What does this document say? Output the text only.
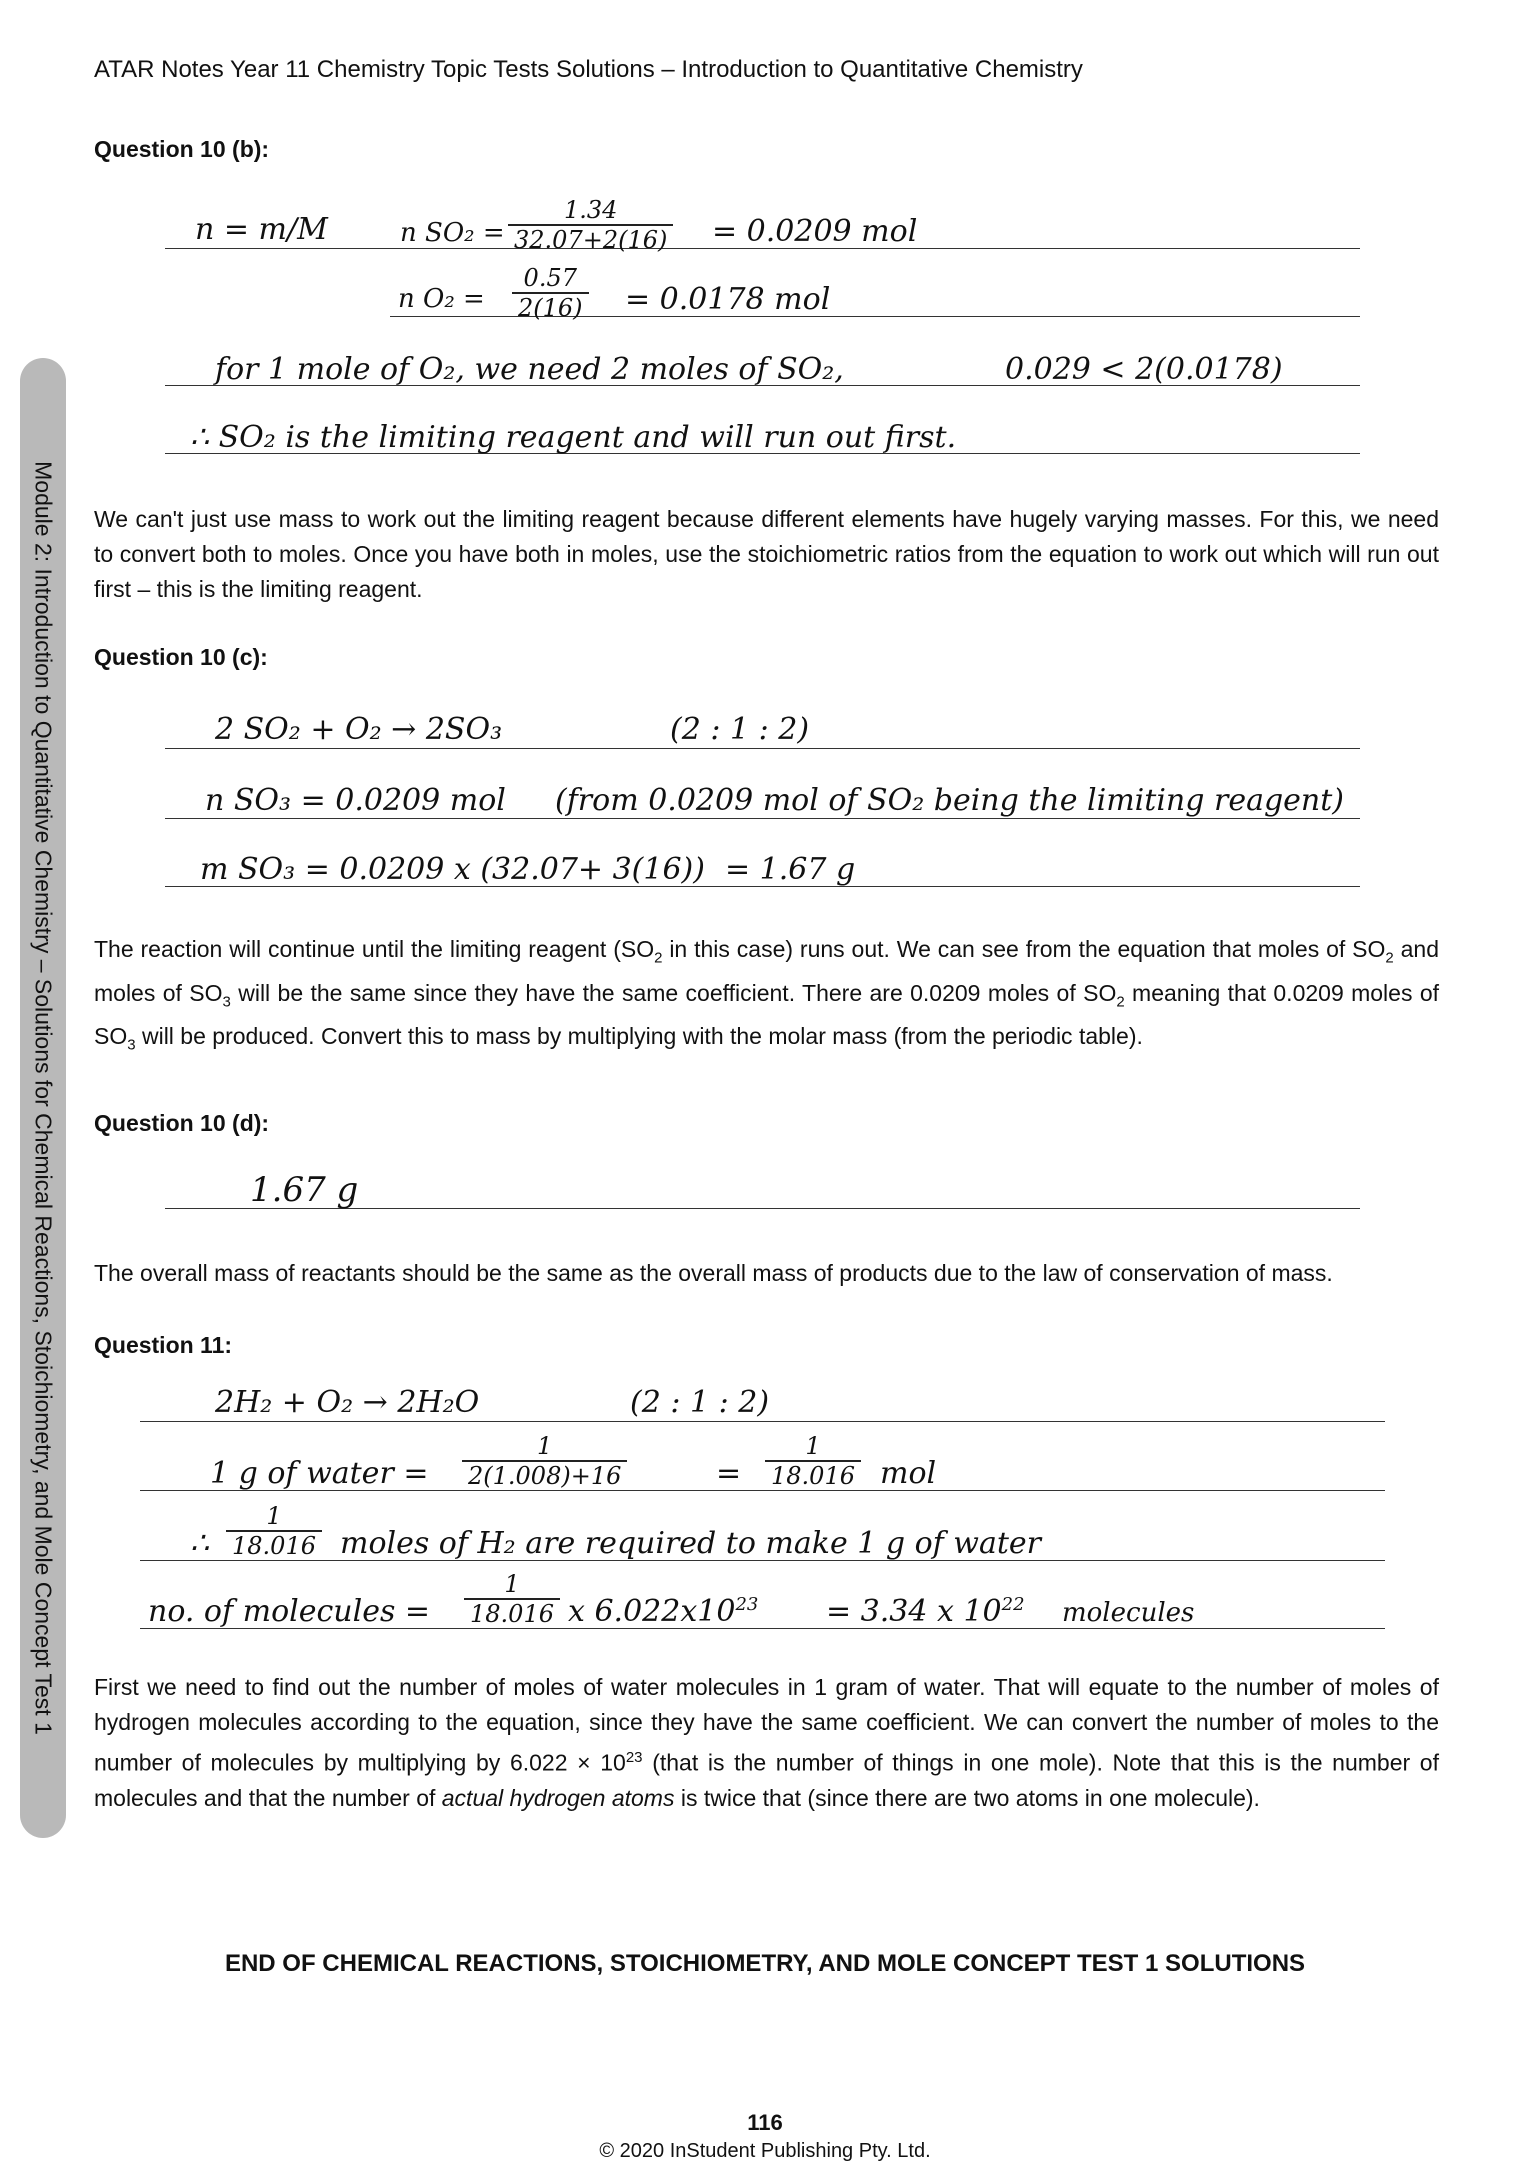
ATAR Notes Year 11 Chemistry Topic Tests Solutions – Introduction to Quantitative Chemistry
Module 2: Introduction to Quantitative Chemistry – Solutions for Chemical Reactions, Stoichiometry, and Mole Concept Test 1
Question 10 (b):
n = m/M	n $SO_2 = \frac{1.34}{32.07+2(16)} = 0.0209$ mol
n $O_2 = \frac{0.57}{2(16)} = 0.0178$ mol
for 1 mole of O₂, we need 2 moles of SO₂,	0.029 < 2(0.0178)
∴ SO₂ is the limiting reagent and will run out first.
We can't just use mass to work out the limiting reagent because different elements have hugely varying masses. For this, we need to convert both to moles. Once you have both in moles, use the stoichiometric ratios from the equation to work out which will run out first – this is the limiting reagent.
Question 10 (c):
2 SO₂ + O₂ → 2SO₃	(2 : 1 : 2)
n SO₃ = 0.0209 mol (from 0.0209 mol of SO₂ being the limiting reagent)
m SO₃ = 0.0209 x (32.07+ 3(16)) = 1.67 g
The reaction will continue until the limiting reagent ($SO_2$ in this case) runs out. We can see from the equation that moles of $SO_2$ and moles of $SO_3$ will be the same since they have the same coefficient. There are 0.0209 moles of $SO_2$ meaning that 0.0209 moles of $SO_3$ will be produced. Convert this to mass by multiplying with the molar mass (from the periodic table).
Question 10 (d):
1.67 g
The overall mass of reactants should be the same as the overall mass of products due to the law of conservation of mass.
Question 11:
2H₂ + O₂ → 2H₂O	(2 : 1 : 2)
1 g of water = $\frac{1}{2(1.008)+16}$	= $\frac{1}{18.016}$ mol
∴ $\frac{1}{18.016}$ moles of H₂ are required to make 1 g of water
no. of molecules = $\frac{1}{18.016}$ x $6.022x10^{23} = 3.34$ x $10^{22}$ molecules
First we need to find out the number of moles of water molecules in 1 gram of water. That will equate to the number of moles of hydrogen molecules according to the equation, since they have the same coefficient. We can convert the number of moles to the number of molecules by multiplying by $6.022 \times 10^{23}$ (that is the number of things in one mole). Note that this is the number of molecules and that the number of actual hydrogen atoms is twice that (since there are two atoms in one molecule).
END OF CHEMICAL REACTIONS, STOICHIOMETRY, AND MOLE CONCEPT TEST 1 SOLUTIONS
116
© 2020 InStudent Publishing Pty. Ltd.
